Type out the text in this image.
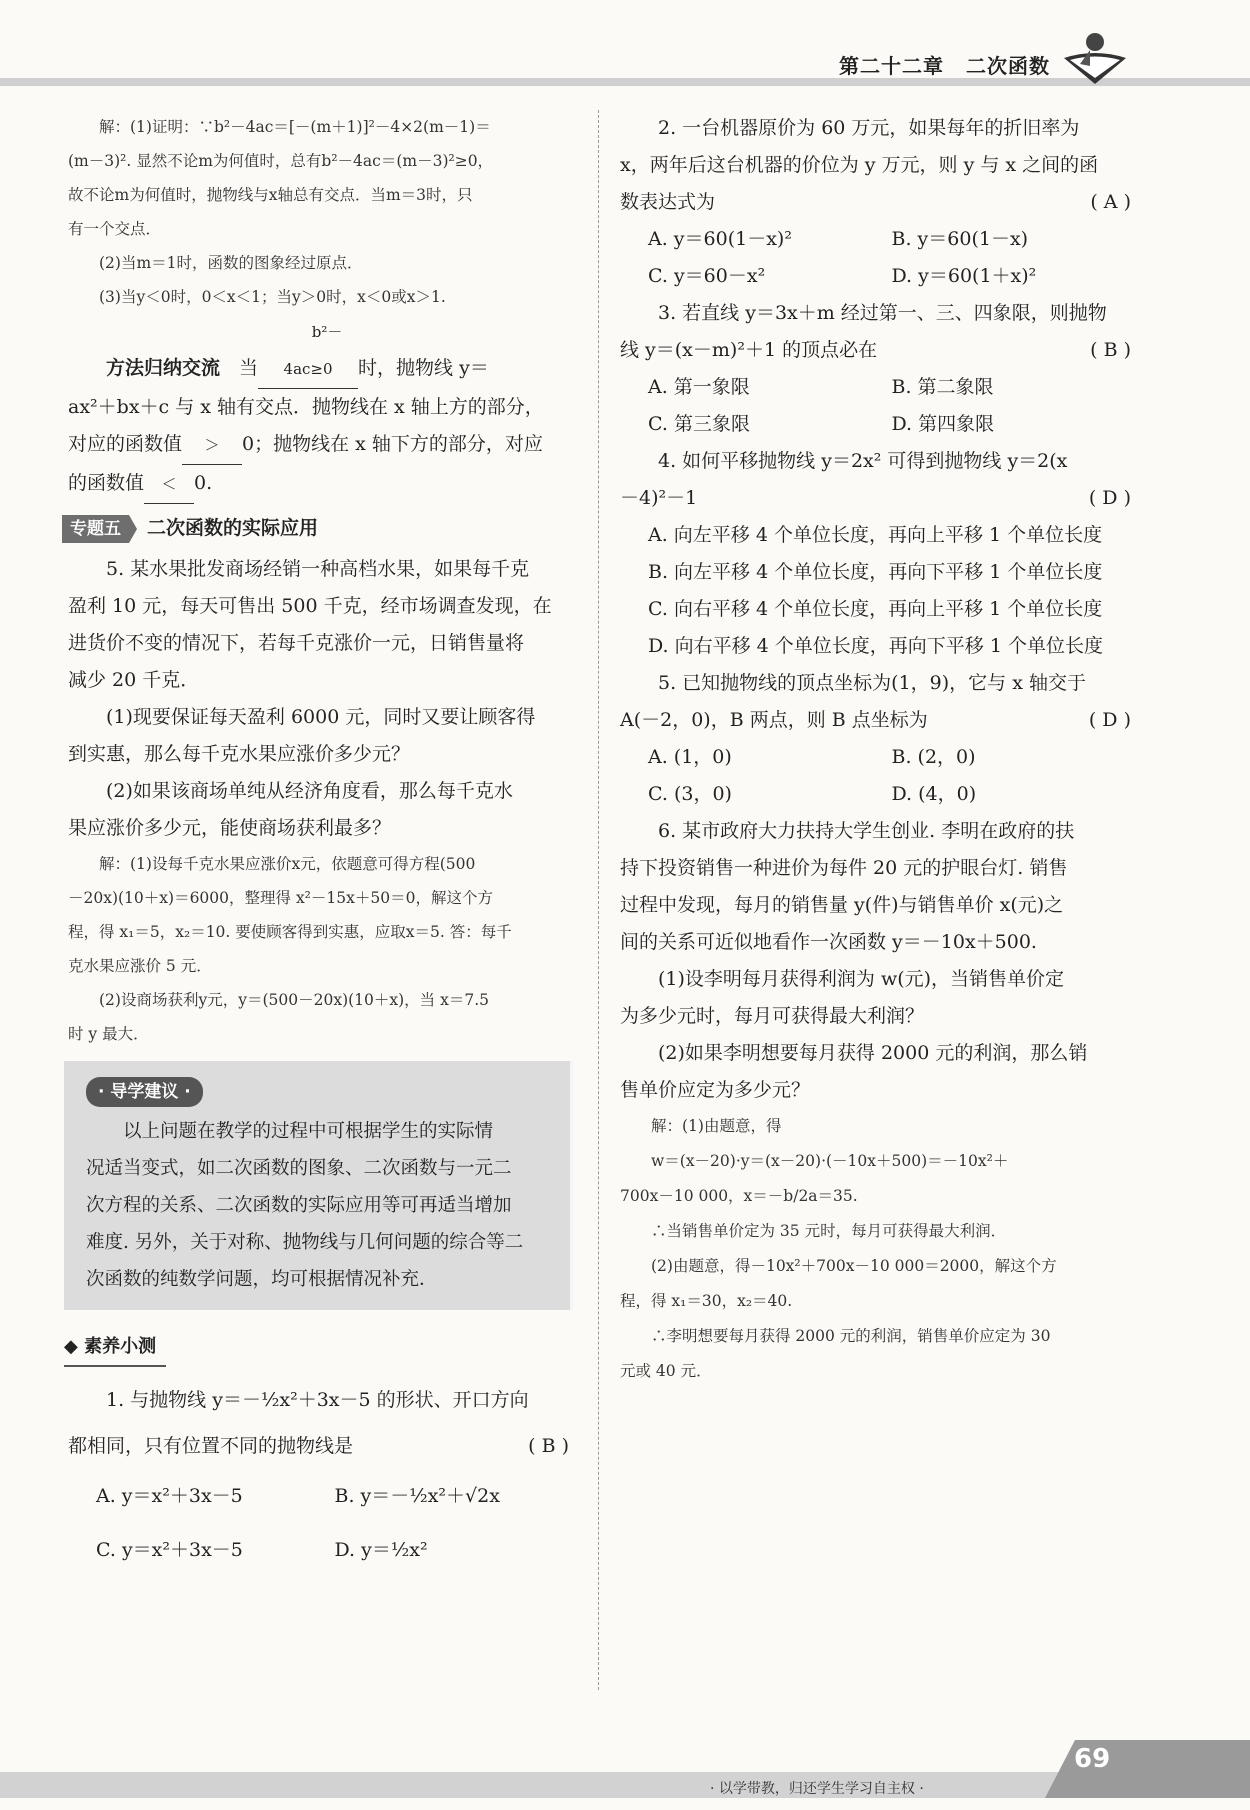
第二十二章 二次函数

解：(1)证明：∵b²－4ac＝[－(m＋1)]²－4×2(m－1)＝

(m－3)². 显然不论m为何值时，总有b²－4ac＝(m－3)²≥0，

故不论m为何值时，抛物线与x轴总有交点．当m＝3时，只

有一个交点．

(2)当m＝1时，函数的图象经过原点．

(3)当y＜0时，0＜x＜1；当y＞0时，x＜0或x＞1.

方法归纳交流　 当b²－4ac≥0 时，抛物线 y＝

ax²＋bx＋c 与 x 轴有交点．抛物线在 x 轴上方的部分，

对应的函数值 ＞ 0；抛物线在 x 轴下方的部分，对应

的函数值 ＜ 0.

专题五	二次函数的实际应用

5. 某水果批发商场经销一种高档水果，如果每千克

盈利 10 元，每天可售出 500 千克，经市场调查发现，在

进货价不变的情况下，若每千克涨价一元，日销售量将

减少 20 千克．

(1)现要保证每天盈利 6000 元，同时又要让顾客得

到实惠，那么每千克水果应涨价多少元？

(2)如果该商场单纯从经济角度看，那么每千克水

果应涨价多少元，能使商场获利最多？

解：(1)设每千克水果应涨价x元，依题意可得方程(500

－20x)(10＋x)＝6000，整理得 x²－15x＋50＝0，解这个方

程，得 x₁＝5，x₂＝10. 要使顾客得到实惠，应取x＝5. 答：每千

克水果应涨价 5 元．

(2)设商场获利y元，y＝(500－20x)(10＋x)，当 x＝7.5

时 y 最大．

· 导学建议 ·

以上问题在教学的过程中可根据学生的实际情

况适当变式，如二次函数的图象、二次函数与一元二

次方程的关系、二次函数的实际应用等可再适当增加

难度. 另外，关于对称、抛物线与几何问题的综合等二

次函数的纯数学问题，均可根据情况补充．

◆ 素养小测

1. 与抛物线 y＝－½x²＋3x－5 的形状、开口方向

都相同，只有位置不同的抛物线是	( B )

A. y＝x²＋3x－5	B. y＝－½x²＋√2x
C. y＝x²＋3x－5	D. y＝½x²

2. 一台机器原价为 60 万元，如果每年的折旧率为

x，两年后这台机器的价位为 y 万元，则 y 与 x 之间的函

数表达式为	( A )

A. y＝60(1－x)²	B. y＝60(1－x)
C. y＝60－x²	D. y＝60(1＋x)²

3. 若直线 y＝3x＋m 经过第一、三、四象限，则抛物

线 y＝(x－m)²＋1 的顶点必在	( B )

A. 第一象限	B. 第二象限
C. 第三象限	D. 第四象限

4. 如何平移抛物线 y＝2x² 可得到抛物线 y＝2(x

－4)²－1	( D )

A. 向左平移 4 个单位长度，再向上平移 1 个单位长度

B. 向左平移 4 个单位长度，再向下平移 1 个单位长度

C. 向右平移 4 个单位长度，再向上平移 1 个单位长度

D. 向右平移 4 个单位长度，再向下平移 1 个单位长度

5. 已知抛物线的顶点坐标为(1，9)，它与 x 轴交于

A(－2，0)，B 两点，则 B 点坐标为	( D )

A. (1，0)	B. (2，0)
C. (3，0)	D. (4，0)

6. 某市政府大力扶持大学生创业. 李明在政府的扶

持下投资销售一种进价为每件 20 元的护眼台灯. 销售

过程中发现，每月的销售量 y(件)与销售单价 x(元)之

间的关系可近似地看作一次函数 y＝－10x＋500.

(1)设李明每月获得利润为 w(元)，当销售单价定

为多少元时，每月可获得最大利润？

(2)如果李明想要每月获得 2000 元的利润，那么销

售单价应定为多少元？

解：(1)由题意，得

w＝(x－20)·y＝(x－20)·(－10x＋500)＝－10x²＋

700x－10 000，x＝－b/2a＝35.

∴当销售单价定为 35 元时，每月可获得最大利润．

(2)由题意，得－10x²＋700x－10 000＝2000，解这个方

程，得 x₁＝30，x₂＝40.

∴李明想要每月获得 2000 元的利润，销售单价应定为 30

元或 40 元．

· 以学带教，归还学生学习自主权 ·
69
